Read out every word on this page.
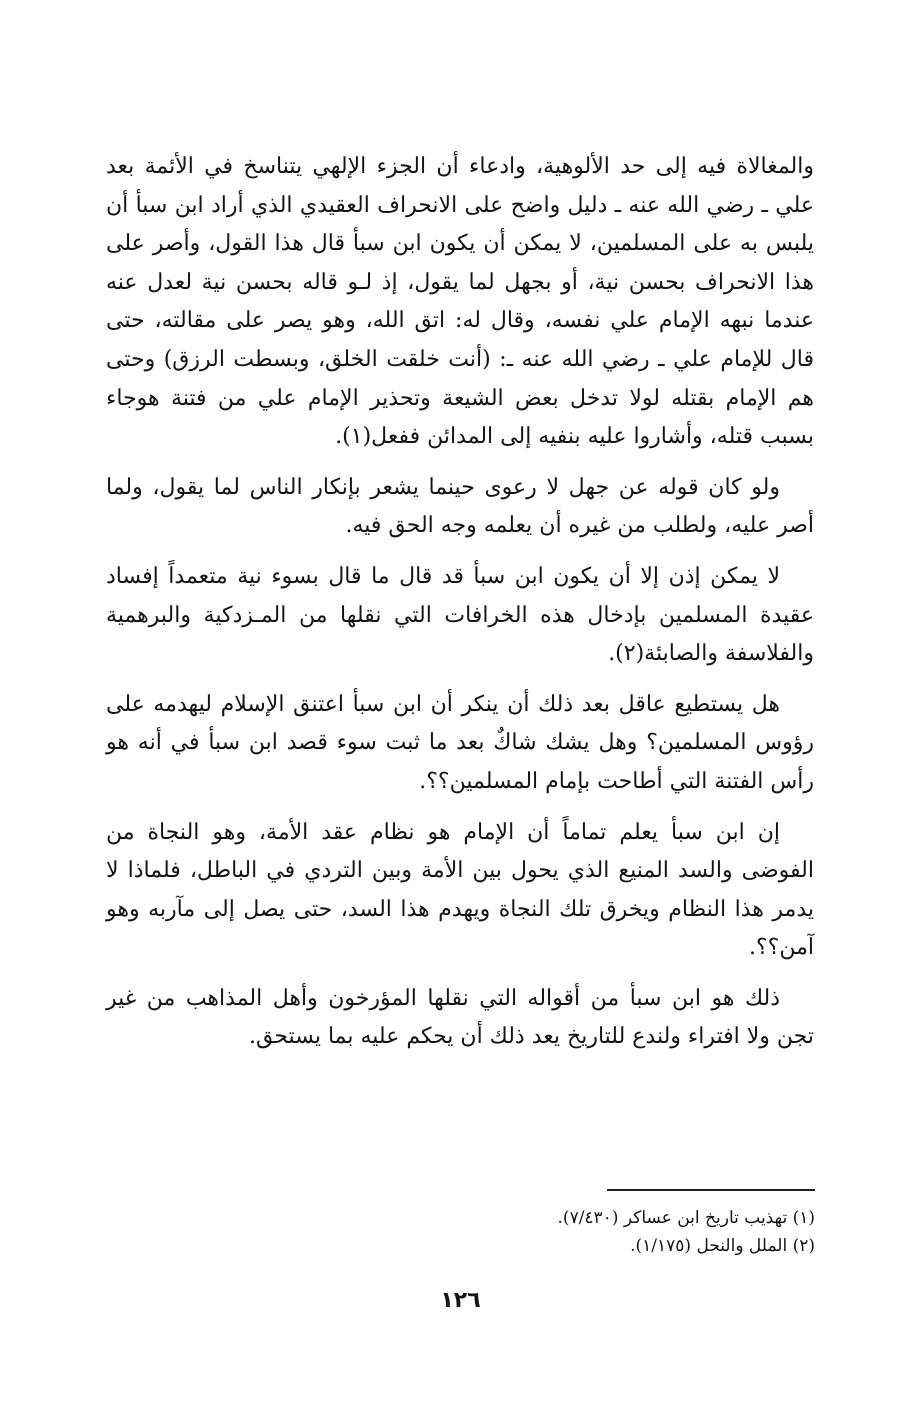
والمغالاة فيه إلى حد الألوهية، وادعاء أن الجزء الإلهي يتناسخ في الأئمة بعد علي ـ رضي الله عنه ـ دليل واضح على الانحراف العقيدي الذي أراد ابن سبأ أن يلبس به على المسلمين، لا يمكن أن يكون ابن سبأ قال هذا القول، وأصر على هذا الانحراف بحسن نية، أو بجهل لما يقول، إذ لـو قاله بحسن نية لعدل عنه عندما نبهه الإمام علي نفسه، وقال له: اتق الله، وهو يصر على مقالته، حتى قال للإمام علي ـ رضي الله عنه ـ: (أنت خلقت الخلق، وبسطت الرزق) وحتى هم الإمام بقتله لولا تدخل بعض الشيعة وتحذير الإمام علي من فتنة هوجاء بسبب قتله، وأشاروا عليه بنفيه إلى المدائن ففعل(١).

ولو كان قوله عن جهل لا رعوى حينما يشعر بإنكار الناس لما يقول، ولما أصر عليه، ولطلب من غيره أن يعلمه وجه الحق فيه.

لا يمكن إذن إلا أن يكون ابن سبأ قد قال ما قال بسوء نية متعمداً إفساد عقيدة المسلمين بإدخال هذه الخرافات التي نقلها من المـزدكية والبرهمية والفلاسفة والصابئة(٢).

هل يستطيع عاقل بعد ذلك أن ينكر أن ابن سبأ اعتنق الإسلام ليهدمه على رؤوس المسلمين؟ وهل يشك شاكٌ بعد ما ثبت سوء قصد ابن سبأ في أنه هو رأس الفتنة التي أطاحت بإمام المسلمين؟؟.

إن ابن سبأ يعلم تماماً أن الإمام هو نظام عقد الأمة، وهو النجاة من الفوضى والسد المنيع الذي يحول بين الأمة وبين التردي في الباطل، فلماذا لا يدمر هذا النظام ويخرق تلك النجاة ويهدم هذا السد، حتى يصل إلى مآربه وهو آمن؟؟.

ذلك هو ابن سبأ من أقواله التي نقلها المؤرخون وأهل المذاهب من غير تجن ولا افتراء ولندع للتاريخ يعد ذلك أن يحكم عليه بما يستحق.

(١) تهذيب تاريخ ابن عساكر (٧/٤٣٠).

(٢) الملل والنحل (١/١٧٥).

١٢٦
